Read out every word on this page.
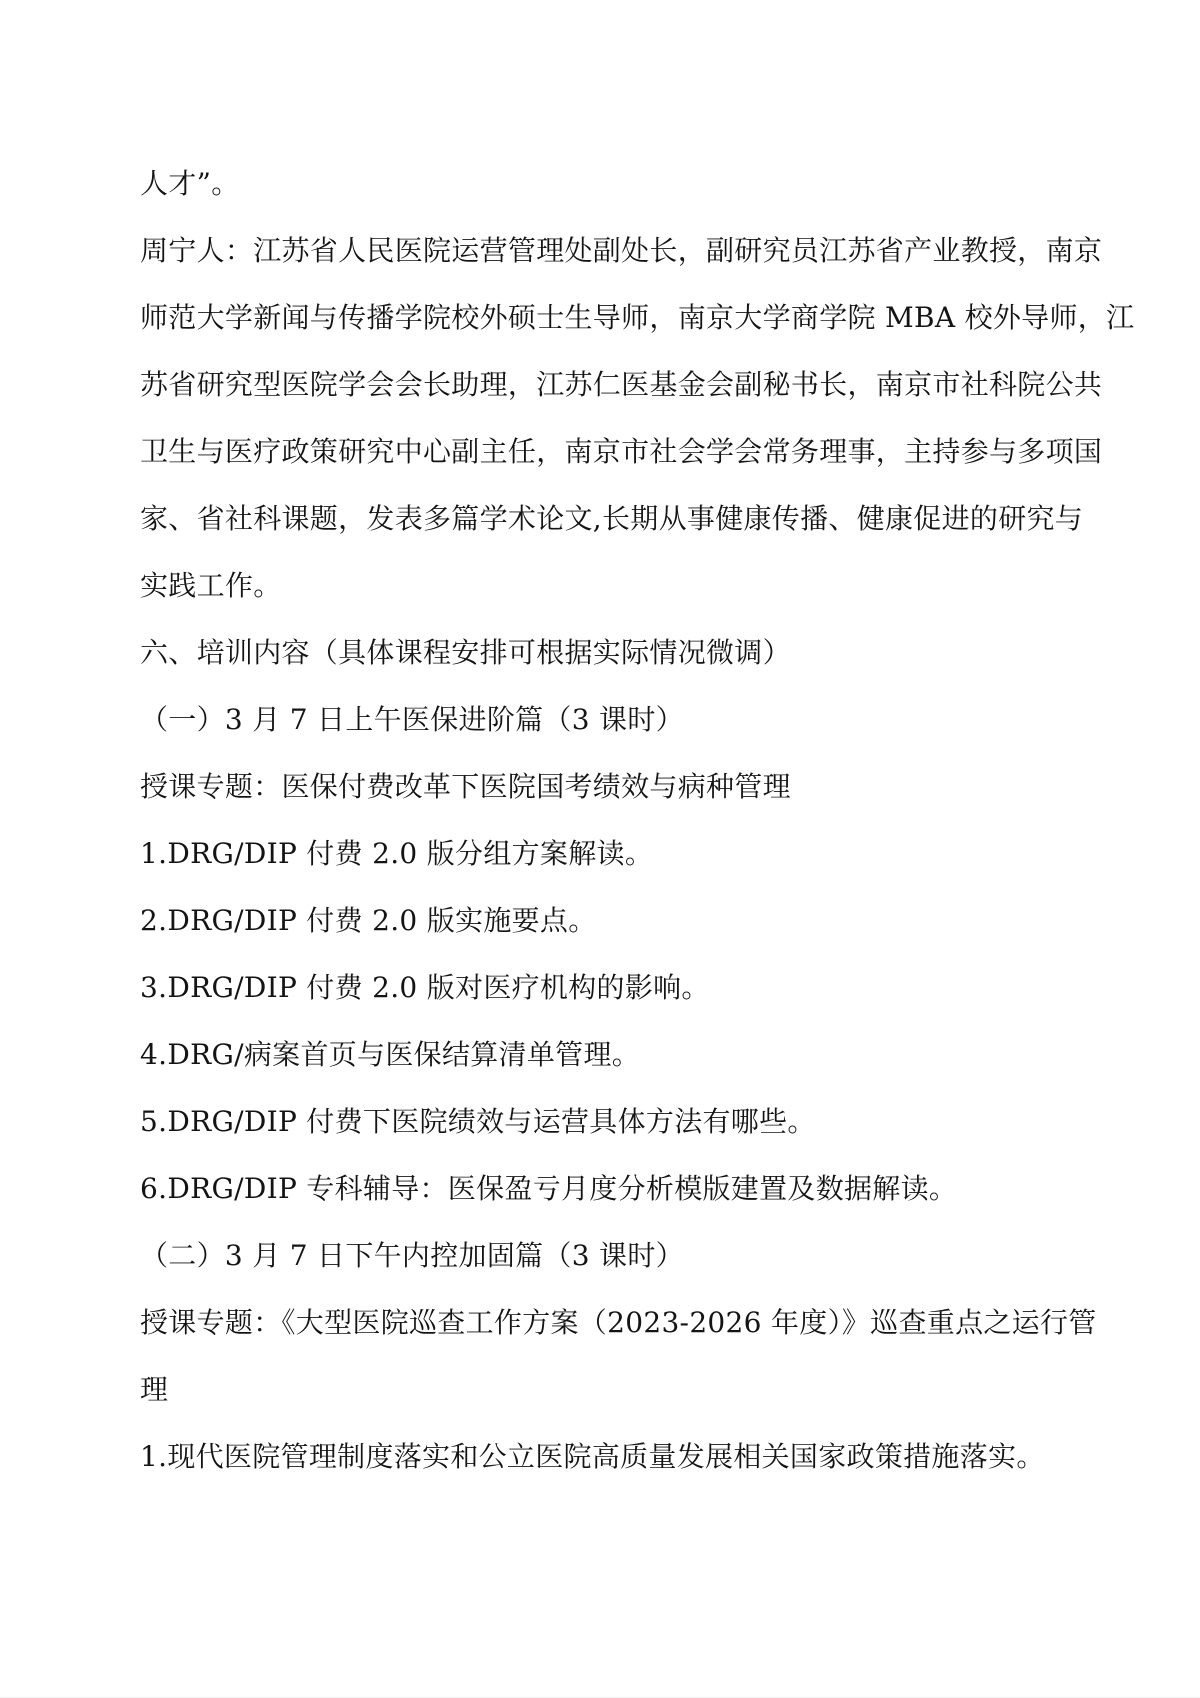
人才”。
周宁人：江苏省人民医院运营管理处副处长，副研究员江苏省产业教授，南京
师范大学新闻与传播学院校外硕士生导师，南京大学商学院 MBA 校外导师，江
苏省研究型医院学会会长助理，江苏仁医基金会副秘书长，南京市社科院公共
卫生与医疗政策研究中心副主任，南京市社会学会常务理事，主持参与多项国
家、省社科课题，发表多篇学术论文,长期从事健康传播、健康促进的研究与
实践工作。
六、培训内容（具体课程安排可根据实际情况微调）
（一）3 月 7 日上午医保进阶篇（3 课时）
授课专题：医保付费改革下医院国考绩效与病种管理
1.DRG/DIP 付费 2.0 版分组方案解读。
2.DRG/DIP 付费 2.0 版实施要点。
3.DRG/DIP 付费 2.0 版对医疗机构的影响。
4.DRG/病案首页与医保结算清单管理。
5.DRG/DIP 付费下医院绩效与运营具体方法有哪些。
6.DRG/DIP 专科辅导：医保盈亏月度分析模版建置及数据解读。
（二）3 月 7 日下午内控加固篇（3 课时）
授课专题：《大型医院巡查工作方案（2023-2026 年度）》巡查重点之运行管
理
1.现代医院管理制度落实和公立医院高质量发展相关国家政策措施落实。
